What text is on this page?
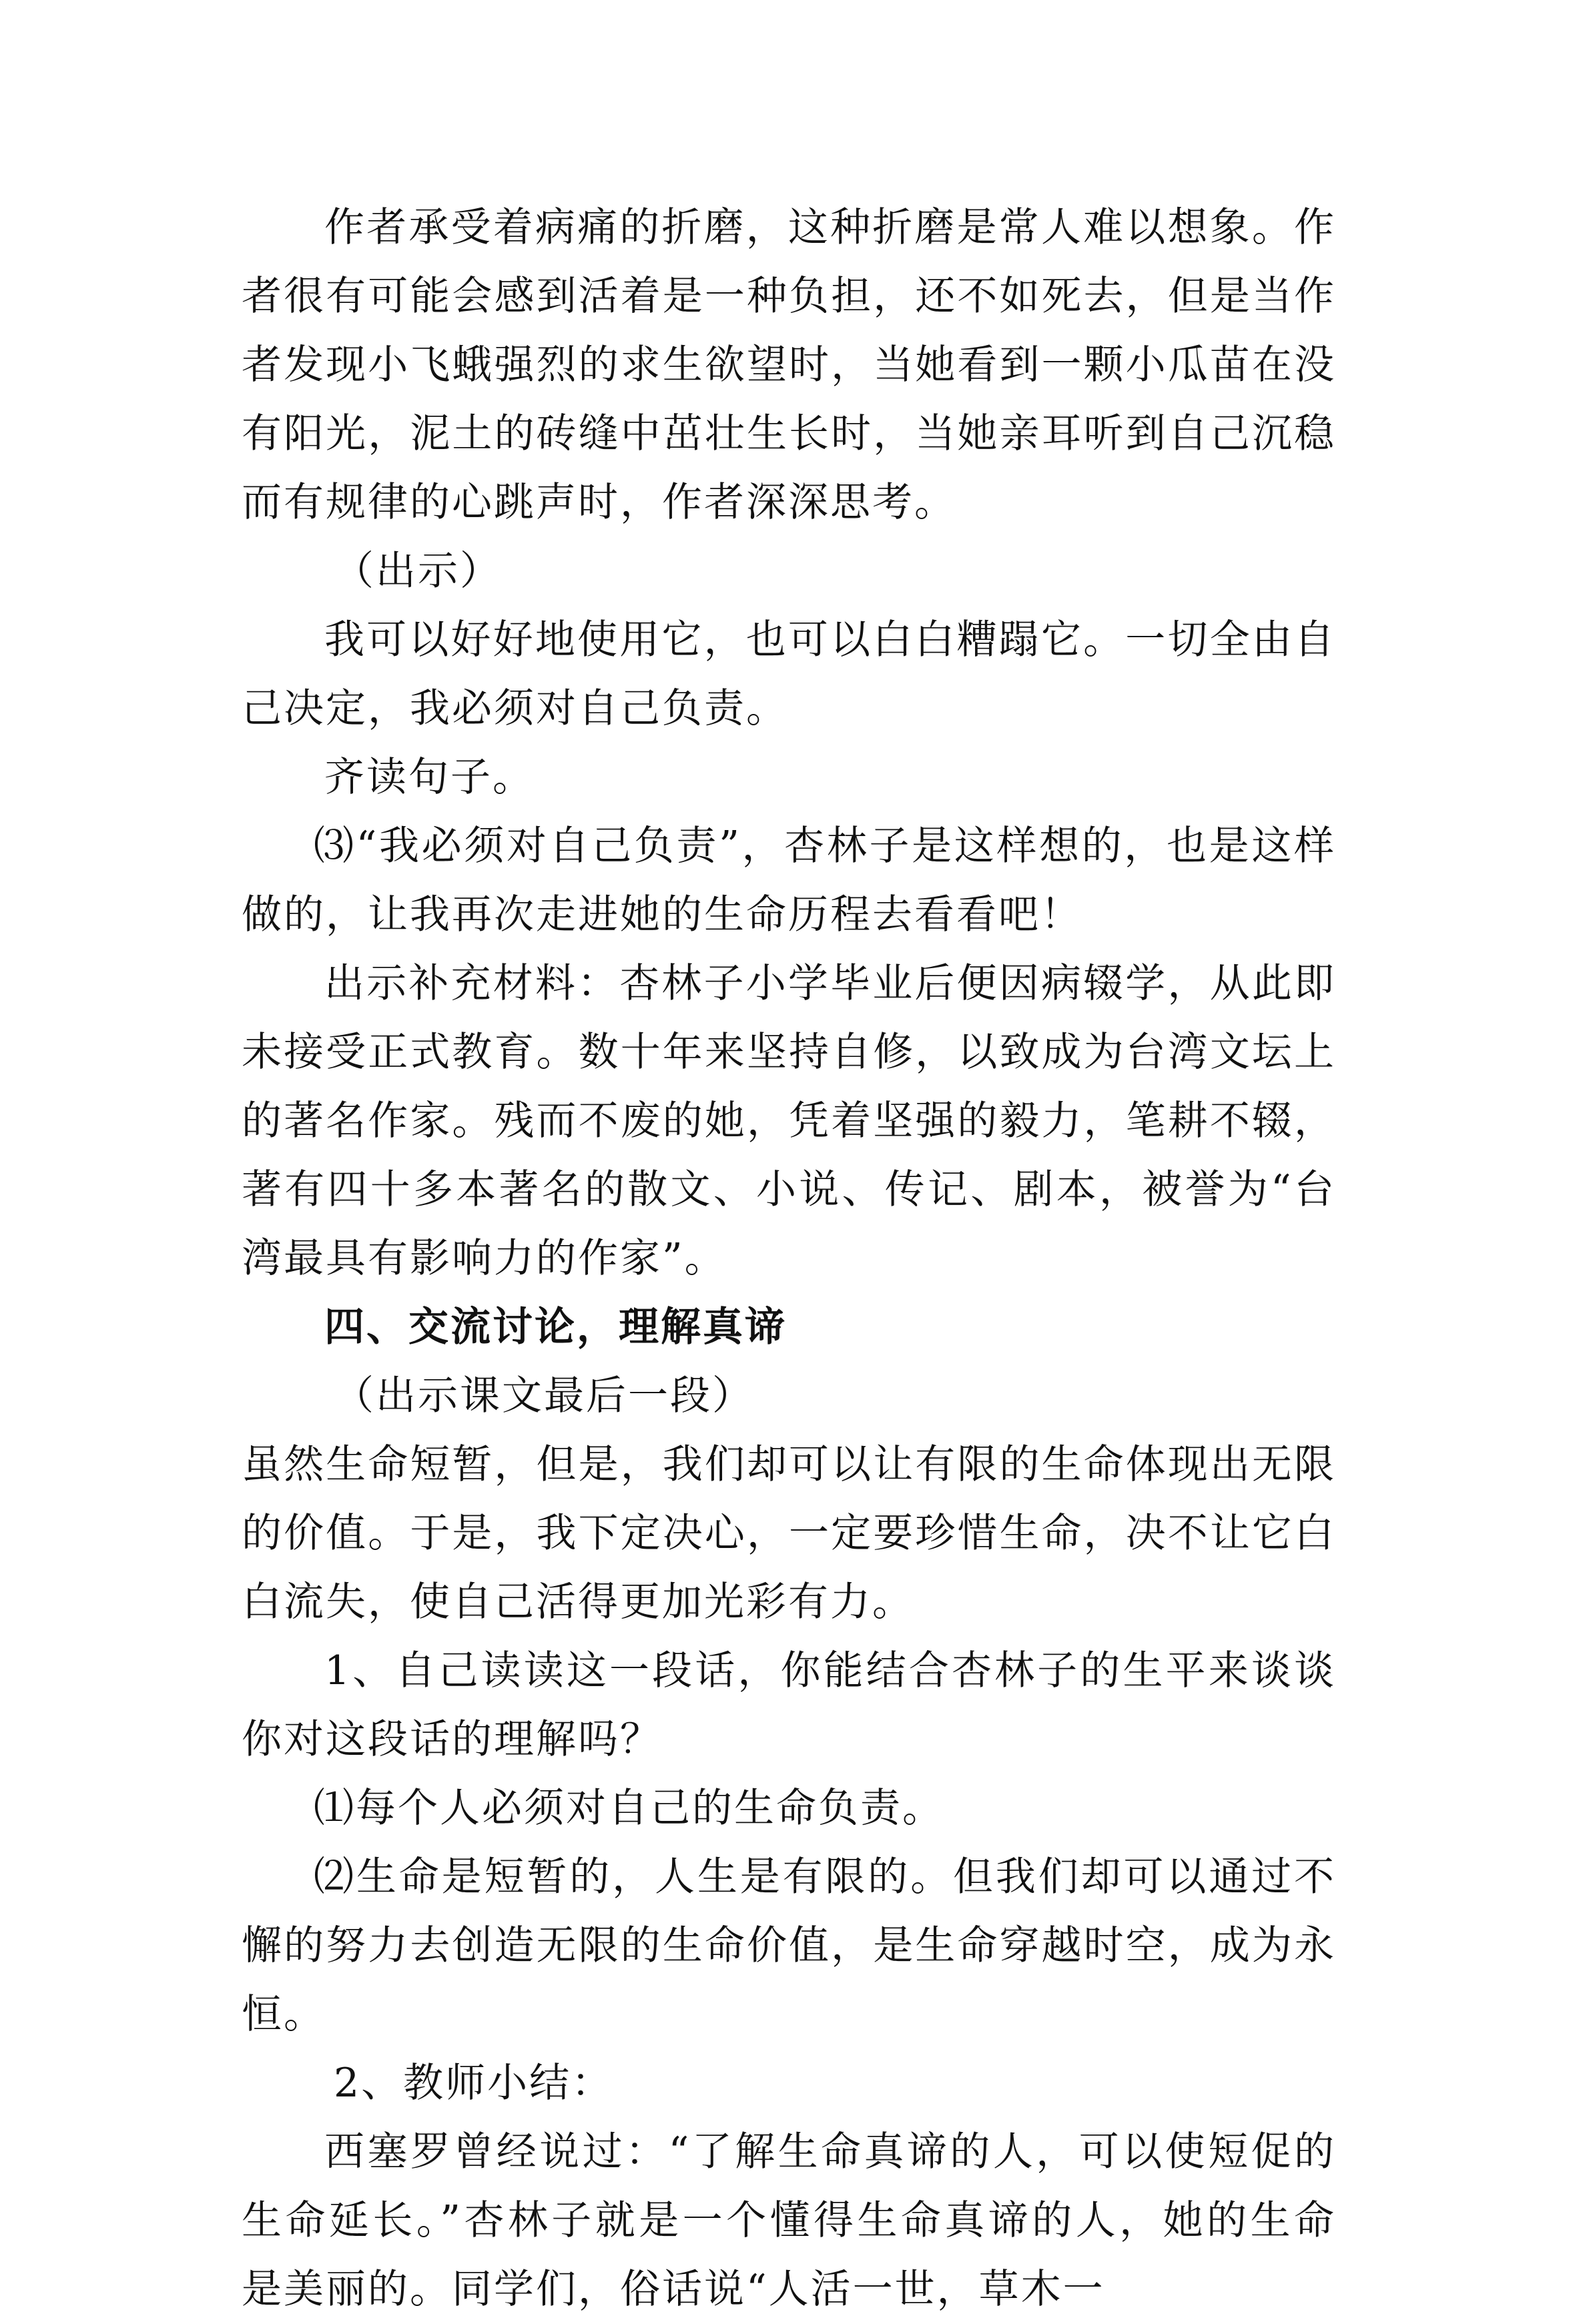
作者承受着病痛的折磨，这种折磨是常人难以想象。作者很有可能会感到活着是一种负担，还不如死去，但是当作者发现小飞蛾强烈的求生欲望时，当她看到一颗小瓜苗在没有阳光，泥土的砖缝中茁壮生长时，当她亲耳听到自己沉稳而有规律的心跳声时，作者深深思考。

（出示）

我可以好好地使用它，也可以白白糟蹋它。一切全由自己决定，我必须对自己负责。

齐读句子。

⑶“我必须对自己负责”，杏林子是这样想的，也是这样做的，让我再次走进她的生命历程去看看吧！

出示补充材料：杏林子小学毕业后便因病辍学，从此即未接受正式教育。数十年来坚持自修，以致成为台湾文坛上的著名作家。残而不废的她，凭着坚强的毅力，笔耕不辍，著有四十多本著名的散文、小说、传记、剧本，被誉为“台湾最具有影响力的作家”。

四、交流讨论，理解真谛

（出示课文最后一段）

虽然生命短暂，但是，我们却可以让有限的生命体现出无限的价值。于是，我下定决心，一定要珍惜生命，决不让它白白流失，使自己活得更加光彩有力。

1、自己读读这一段话，你能结合杏林子的生平来谈谈你对这段话的理解吗？

⑴每个人必须对自己的生命负责。

⑵生命是短暂的，人生是有限的。但我们却可以通过不懈的努力去创造无限的生命价值，是生命穿越时空，成为永恒。

2、教师小结：

西塞罗曾经说过：“了解生命真谛的人，可以使短促的生命延长。”杏林子就是一个懂得生命真谛的人，她的生命是美丽的。同学们，俗话说“人活一世，草木一
